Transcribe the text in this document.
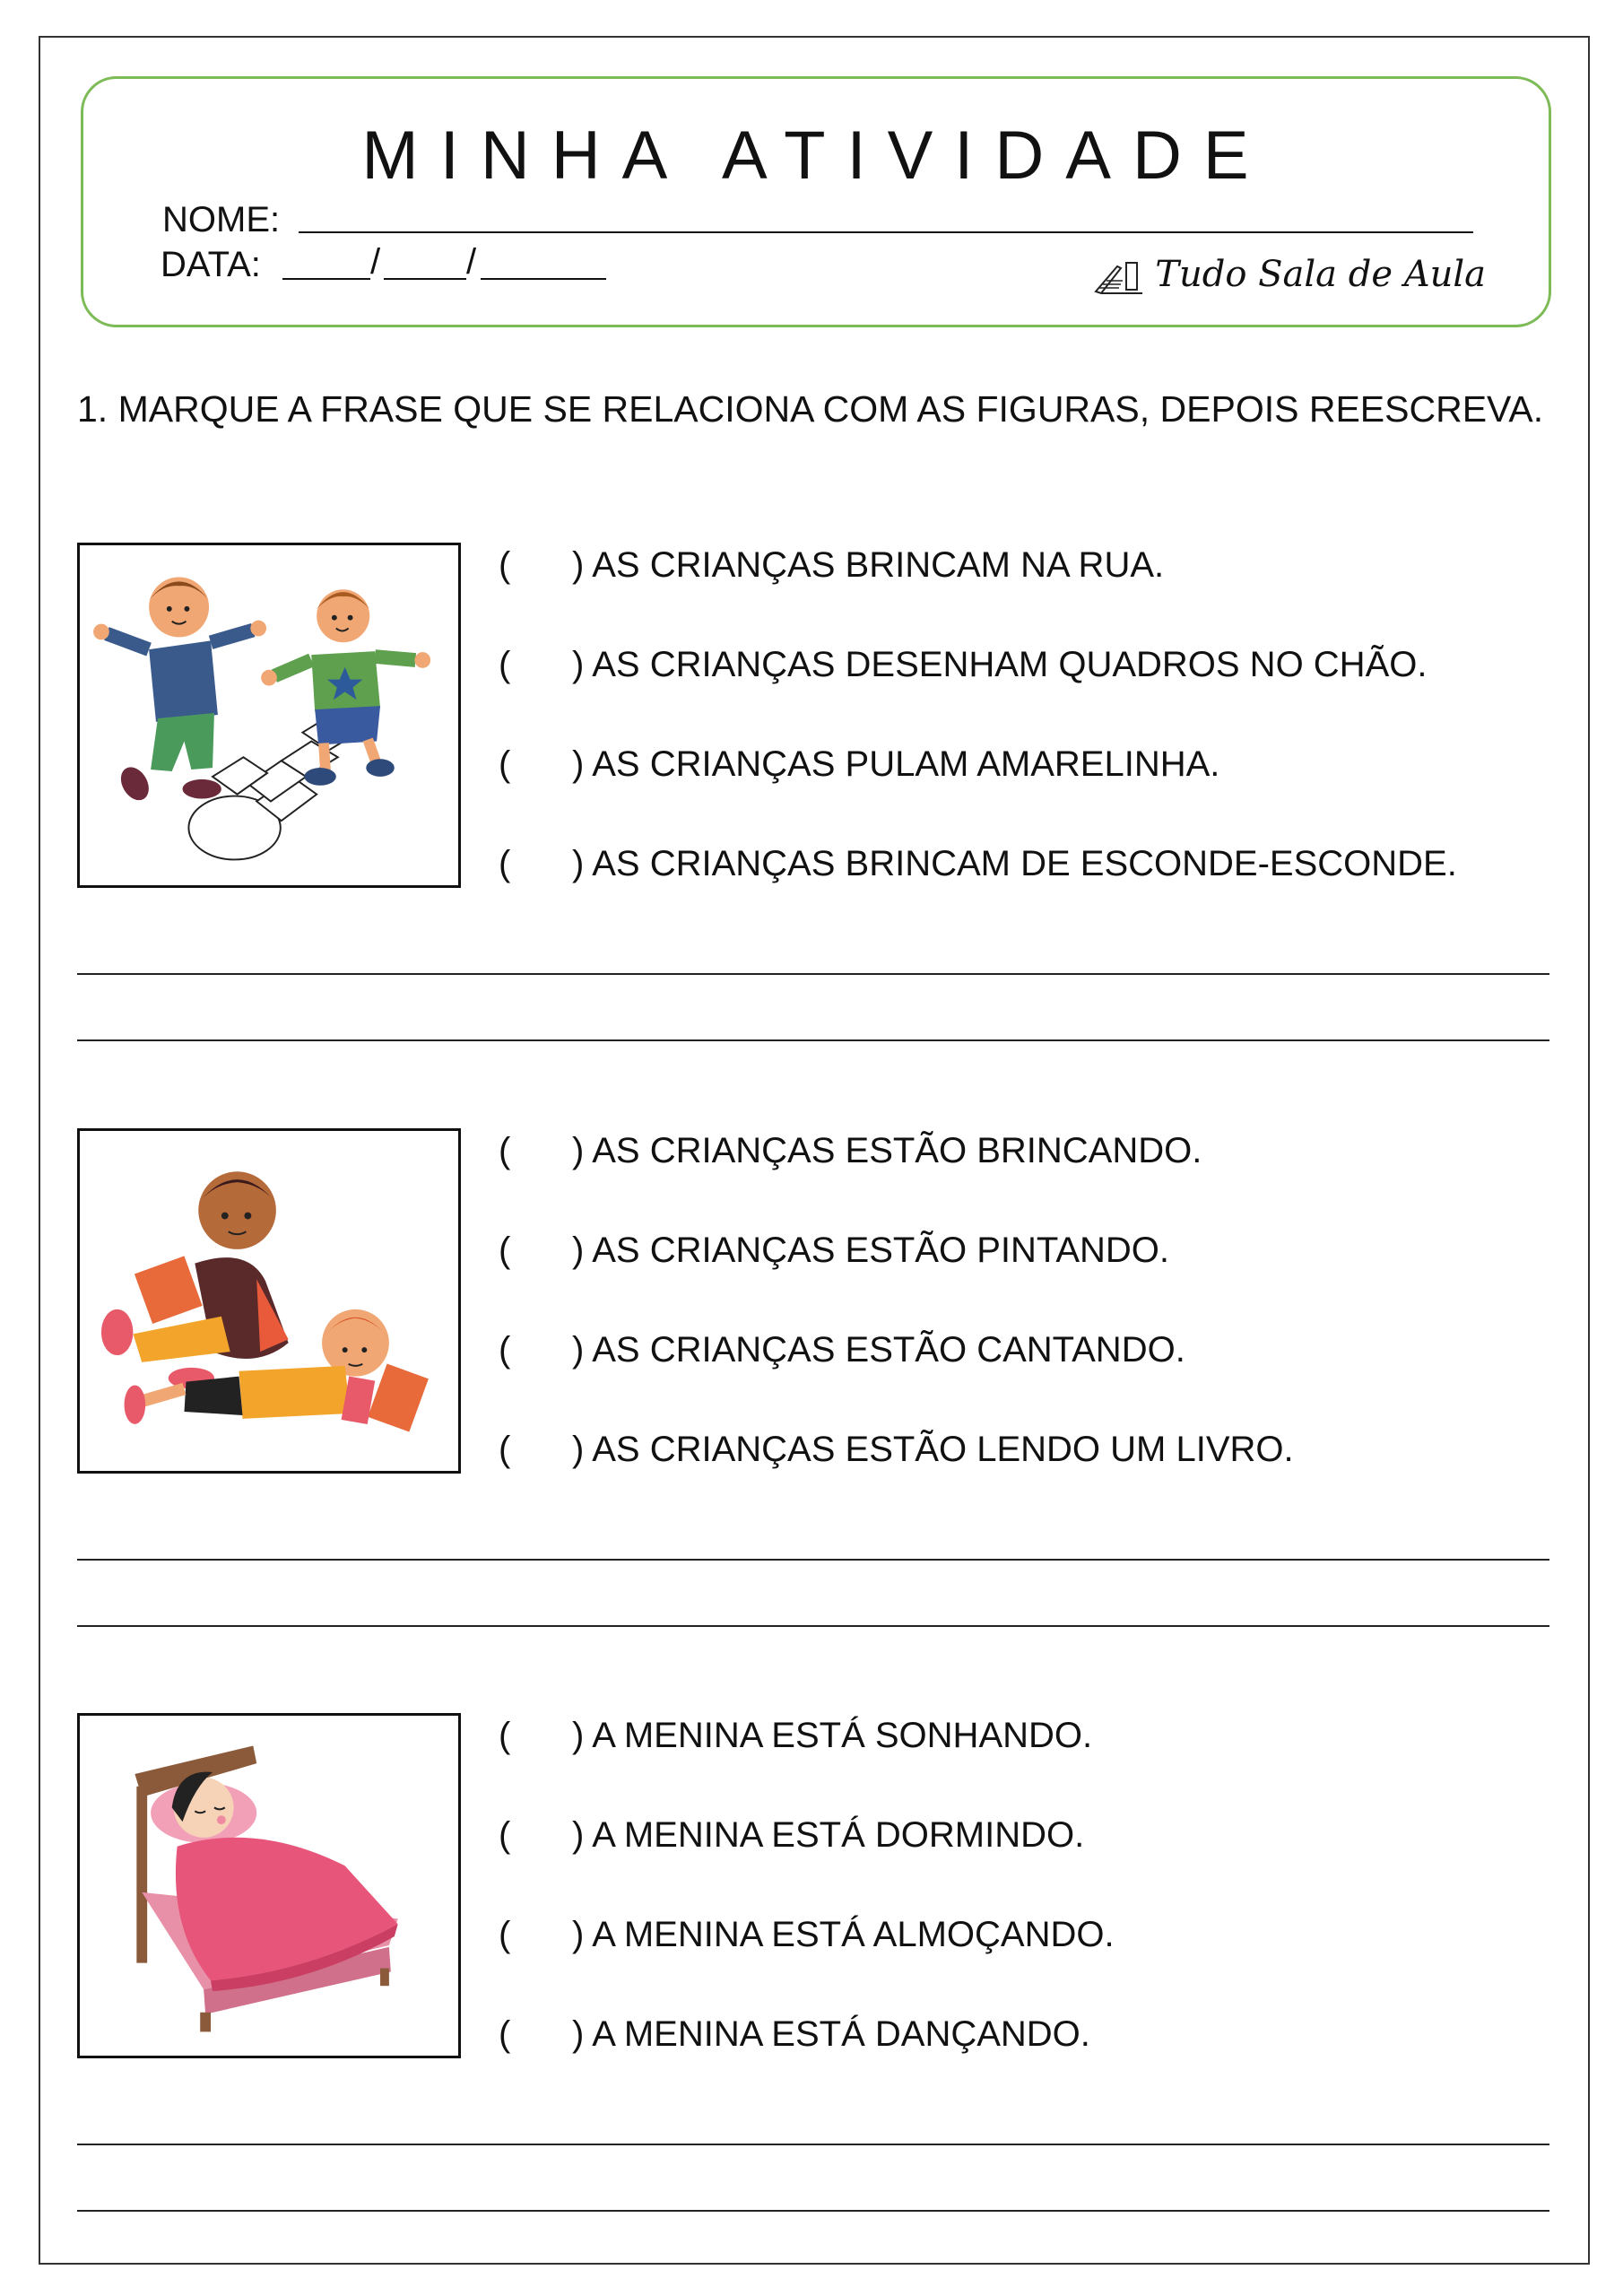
MINHA ATIVIDADE
NOME:
DATA:	/ /	Tudo Sala de Aula
1. MARQUE A FRASE QUE SE RELACIONA COM AS FIGURAS, DEPOIS REESCREVA.
(	) AS CRIANÇAS BRINCAM NA RUA.
(	) AS CRIANÇAS DESENHAM QUADROS NO CHÃO.
(	) AS CRIANÇAS PULAM AMARELINHA.
(	) AS CRIANÇAS BRINCAM DE ESCONDE-ESCONDE.
(	) AS CRIANÇAS ESTÃO BRINCANDO.
(	) AS CRIANÇAS ESTÃO PINTANDO.
(	) AS CRIANÇAS ESTÃO CANTANDO.
(	) AS CRIANÇAS ESTÃO LENDO UM LIVRO.
(	) A MENINA ESTÁ SONHANDO.
(	) A MENINA ESTÁ DORMINDO.
(	) A MENINA ESTÁ ALMOÇANDO.
(	) A MENINA ESTÁ DANÇANDO.
